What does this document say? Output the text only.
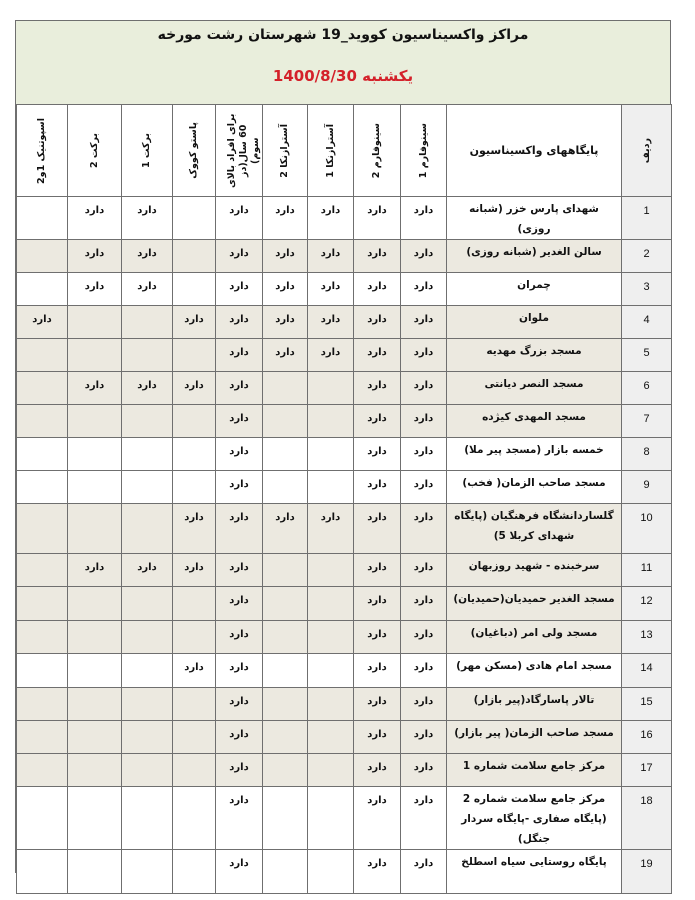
مراکز واکسیناسیون کووید_19 شهرستان رشت مورخه
یکشنبه 1400/8/30
ردیف	پایگاههای واکسیناسیون	سینوفارم 1	سینوفارم 2	آسترازنکا 1	آسترازنکا 2	برای افراد بالای 60 سال(دز سوم)	پاستو کووک	برکت 1	برکت 2	اسپوتنیک 1و2

1	شهدای پارس خزر (شبانه روزی)	دارد	دارد	دارد	دارد	دارد		دارد	دارد	
2	سالن الغدیر (شبانه روزی)	دارد	دارد	دارد	دارد	دارد		دارد	دارد	
3	چمران	دارد	دارد	دارد	دارد	دارد		دارد	دارد	
4	ملوان	دارد	دارد	دارد	دارد	دارد	دارد			دارد
5	مسجد بزرگ مهدیه	دارد	دارد	دارد	دارد	دارد				
6	مسجد النصر دیانتی	دارد	دارد			دارد	دارد	دارد	دارد	
7	مسجد المهدی کیژده	دارد	دارد			دارد				
8	خمسه بازار (مسجد پیر ملا)	دارد	دارد			دارد				
9	مسجد صاحب الزمان( فخب)	دارد	دارد			دارد				
10	گلساردانشگاه فرهنگیان (پایگاه شهدای کربلا 5)	دارد	دارد	دارد	دارد	دارد	دارد			
11	سرخبنده - شهید روزبهان	دارد	دارد			دارد	دارد	دارد	دارد	
12	مسجد الغدیر حمیدیان(حمیدیان)	دارد	دارد			دارد				
13	مسجد ولی امر (دباغیان)	دارد	دارد			دارد				
14	مسجد امام هادی (مسکن مهر)	دارد	دارد			دارد	دارد			
15	تالار پاسارگاد(پیر بازار)	دارد	دارد			دارد				
16	مسجد صاحب الزمان( پیر بازار)	دارد	دارد			دارد				
17	مرکز جامع سلامت شماره 1	دارد	دارد			دارد				
18	مرکز جامع سلامت شماره 2 (پایگاه صفاری -پایگاه سردار جنگل)	دارد	دارد			دارد				
19	پایگاه روستایی سیاه اسطلخ	دارد	دارد			دارد				
